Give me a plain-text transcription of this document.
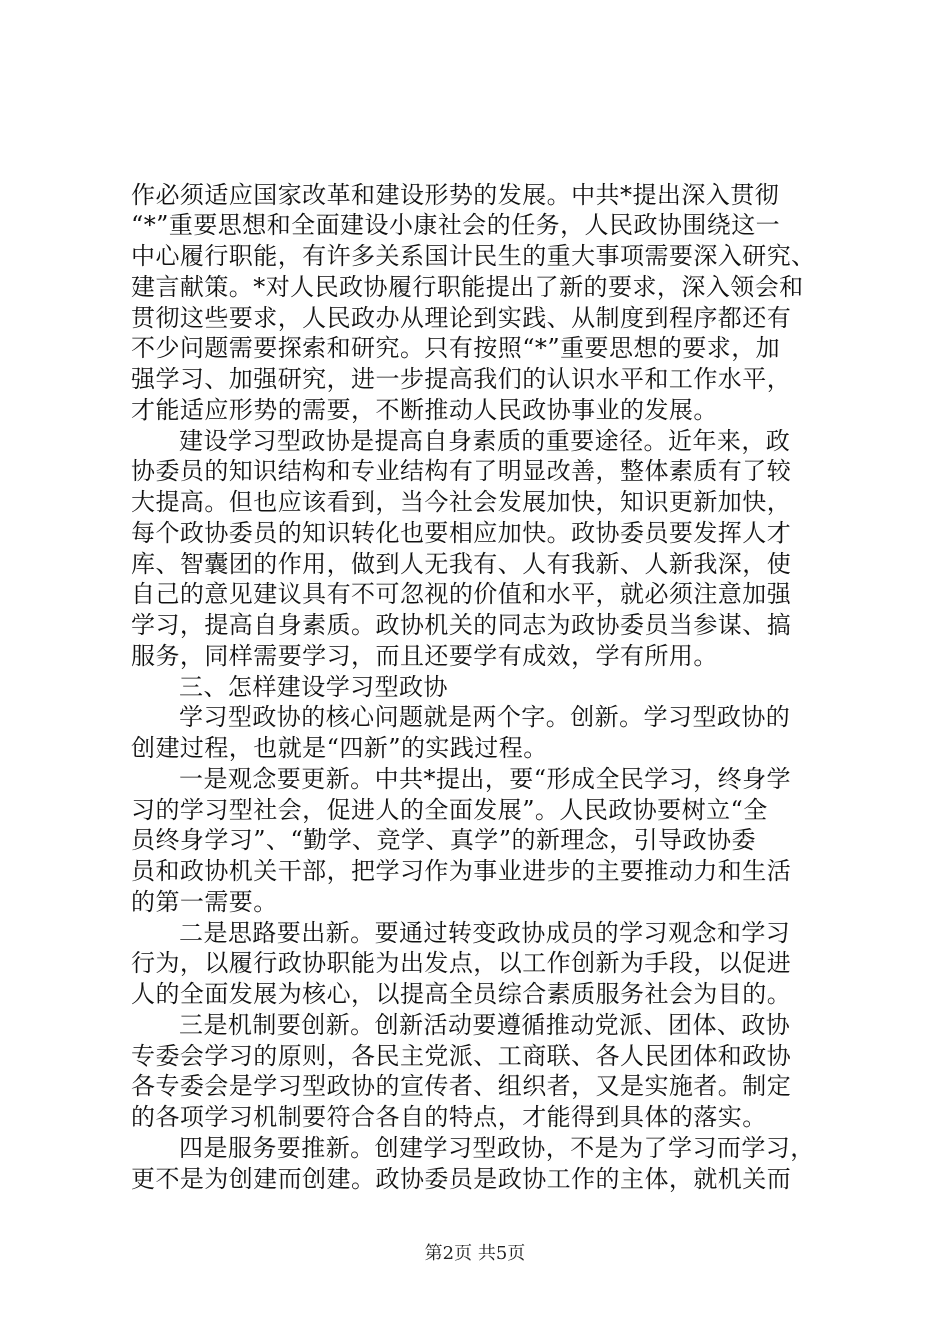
作必须适应国家改革和建设形势的发展。中共*提出深入贯彻
“*”重要思想和全面建设小康社会的任务，人民政协围绕这一
中心履行职能，有许多关系国计民生的重大事项需要深入研究、
建言献策。*对人民政协履行职能提出了新的要求，深入领会和
贯彻这些要求，人民政办从理论到实践、从制度到程序都还有
不少问题需要探索和研究。只有按照“*”重要思想的要求，加
强学习、加强研究，进一步提高我们的认识水平和工作水平，
才能适应形势的需要，不断推动人民政协事业的发展。
建设学习型政协是提高自身素质的重要途径。近年来，政
协委员的知识结构和专业结构有了明显改善，整体素质有了较
大提高。但也应该看到，当今社会发展加快，知识更新加快，
每个政协委员的知识转化也要相应加快。政协委员要发挥人才
库、智囊团的作用，做到人无我有、人有我新、人新我深，使
自己的意见建议具有不可忽视的价值和水平，就必须注意加强
学习，提高自身素质。政协机关的同志为政协委员当参谋、搞
服务，同样需要学习，而且还要学有成效，学有所用。
三、怎样建设学习型政协
学习型政协的核心问题就是两个字。创新。学习型政协的
创建过程，也就是“四新”的实践过程。
一是观念要更新。中共*提出，要“形成全民学习，终身学
习的学习型社会，促进人的全面发展”。人民政协要树立“全
员终身学习”、“勤学、竞学、真学”的新理念，引导政协委
员和政协机关干部，把学习作为事业进步的主要推动力和生活
的第一需要。
二是思路要出新。要通过转变政协成员的学习观念和学习
行为，以履行政协职能为出发点，以工作创新为手段，以促进
人的全面发展为核心，以提高全员综合素质服务社会为目的。
三是机制要创新。创新活动要遵循推动党派、团体、政协
专委会学习的原则，各民主党派、工商联、各人民团体和政协
各专委会是学习型政协的宣传者、组织者，又是实施者。制定
的各项学习机制要符合各自的特点，才能得到具体的落实。
四是服务要推新。创建学习型政协，不是为了学习而学习，
更不是为创建而创建。政协委员是政协工作的主体，就机关而
第2页 共5页
